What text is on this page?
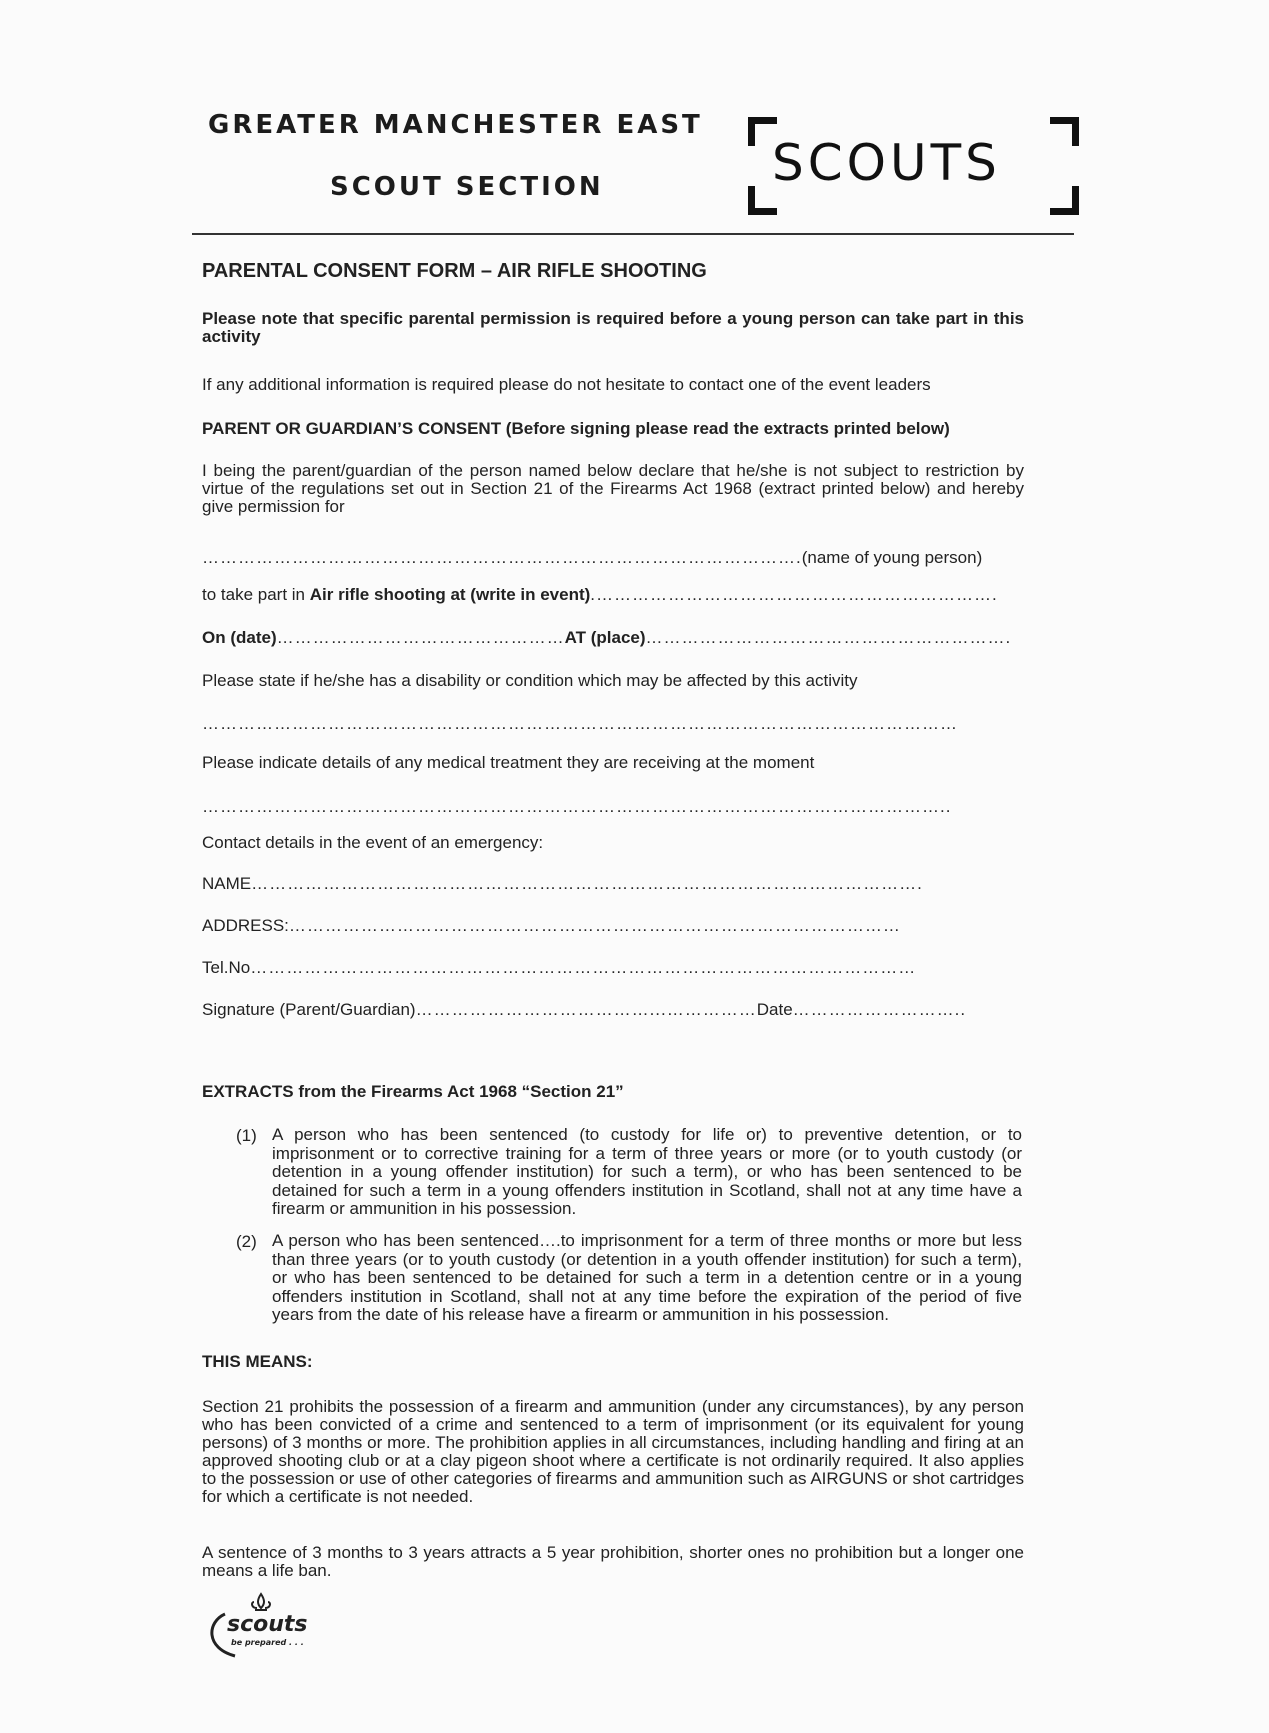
GREATER MANCHESTER EAST
SCOUT SECTION	SCOUTS
PARENTAL CONSENT FORM – AIR RIFLE SHOOTING
Please note that specific parental permission is required before a young person can take part in this activity
If any additional information is required please do not hesitate to contact one of the event leaders
PARENT OR GUARDIAN’S CONSENT (Before signing please read the extracts printed below)
I being the parent/guardian of the person named below declare that he/she is not subject to restriction by virtue of the regulations set out in Section 21 of the Firearms Act 1968 (extract printed below) and hereby give permission for
……………………………………………………………………………………….(name of young person)
to take part in Air rifle shooting at (write in event).………………………………………………………….
On (date)…………………………………………AT (place)…………………………………………………….
Please state if he/she has a disability or condition which may be affected by this activity
………………………………………………………………………………………………………………
Please indicate details of any medical treatment they are receiving at the moment
……………………………………………………………………………………………………………..
Contact details in the event of an emergency:
NAME………………………………………………………………………………………………….
ADDRESS:…………………………………………………………………………………………
Tel.No…………………………………………………………………………………………………
Signature (Parent/Guardian)…………………………………...……………Date………………………..
EXTRACTS from the Firearms Act 1968 “Section 21”
(1) A person who has been sentenced (to custody for life or) to preventive detention, or to imprisonment or to corrective training for a term of three years or more (or to youth custody (or detention in a young offender institution) for such a term), or who has been sentenced to be detained for such a term in a young offenders institution in Scotland, shall not at any time have a firearm or ammunition in his possession.
(2) A person who has been sentenced….to imprisonment for a term of three months or more but less than three years (or to youth custody (or detention in a youth offender institution) for such a term), or who has been sentenced to be detained for such a term in a detention centre or in a young offenders institution in Scotland, shall not at any time before the expiration of the period of five years from the date of his release have a firearm or ammunition in his possession.
THIS MEANS:
Section 21 prohibits the possession of a firearm and ammunition (under any circumstances), by any person who has been convicted of a crime and sentenced to a term of imprisonment (or its equivalent for young persons) of 3 months or more. The prohibition applies in all circumstances, including handling and firing at an approved shooting club or at a clay pigeon shoot where a certificate is not ordinarily required. It also applies to the possession or use of other categories of firearms and ammunition such as AIRGUNS or shot cartridges for which a certificate is not needed.
A sentence of 3 months to 3 years attracts a 5 year prohibition, shorter ones no prohibition but a longer one means a life ban.
scouts
be prepared . . .
